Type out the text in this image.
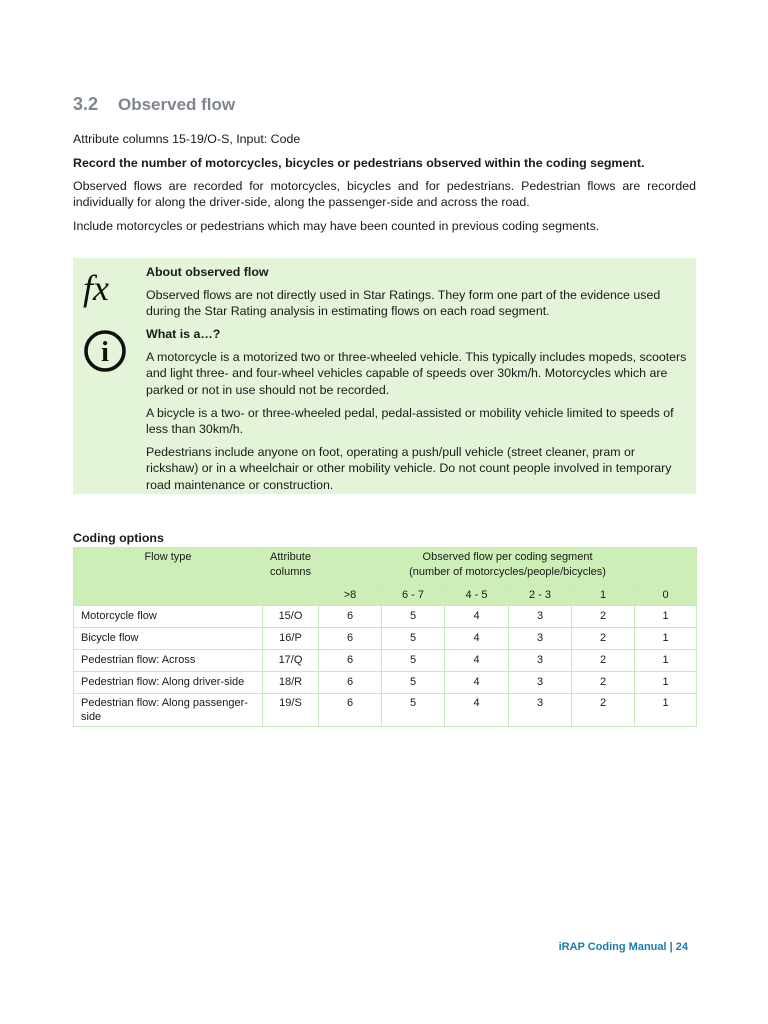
3.2 Observed flow

Attribute columns 15-19/O-S, Input: Code

Record the number of motorcycles, bicycles or pedestrians observed within the coding segment.

Observed flows are recorded for motorcycles, bicycles and for pedestrians. Pedestrian flows are recorded individually for along the driver-side, along the passenger-side and across the road.

Include motorcycles or pedestrians which may have been counted in previous coding segments.

fx	About observed flow

Observed flows are not directly used in Star Ratings. They form one part of the evidence used during the Star Rating analysis in estimating flows on each road segment.

i

What is a…?

A motorcycle is a motorized two or three-wheeled vehicle. This typically includes mopeds, scooters and light three- and four-wheel vehicles capable of speeds over 30km/h. Motorcycles which are parked or not in use should not be recorded.

A bicycle is a two- or three-wheeled pedal, pedal-assisted or mobility vehicle limited to speeds of less than 30km/h.

Pedestrians include anyone on foot, operating a push/pull vehicle (street cleaner, pram or rickshaw) or in a wheelchair or other mobility vehicle. Do not count people involved in temporary road maintenance or construction.

Coding options

Flow type	Attribute columns	Observed flow per coding segment
(number of motorcycles/people/bicycles)					

		>8	6 - 7	4 - 5	2 - 3	1	0
Motorcycle flow	15/O	6	5	4	3	2	1
Bicycle flow	16/P	6	5	4	3	2	1
Pedestrian flow: Across	17/Q	6	5	4	3	2	1
Pedestrian flow: Along driver-side	18/R	6	5	4	3	2	1
Pedestrian flow: Along passenger-side	19/S	6	5	4	3	2	1
iRAP Coding Manual | 24
